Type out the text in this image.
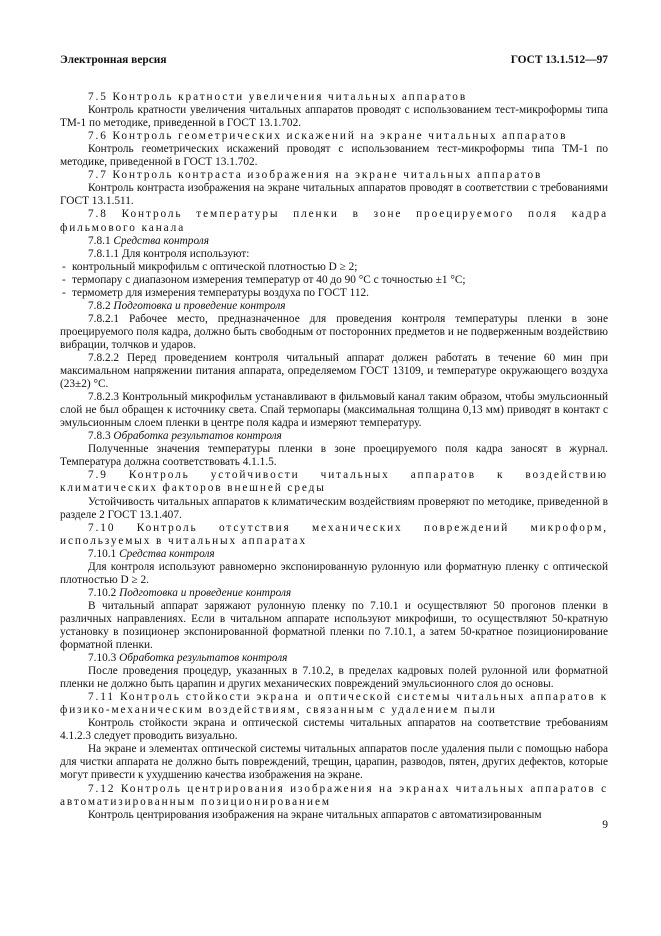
Электронная версия	ГОСТ 13.1.512—97

7.5 Контроль кратности увеличения читальных аппаратов

Контроль кратности увеличения читальных аппаратов проводят с использованием тест-микроформы типа ТМ-1 по методике, приведенной в ГОСТ 13.1.702.

7.6 Контроль геометрических искажений на экране читальных аппаратов

Контроль геометрических искажений проводят с использованием тест-микроформы типа ТМ-1 по методике, приведенной в ГОСТ 13.1.702.

7.7 Контроль контраста изображения на экране читальных аппаратов

Контроль контраста изображения на экране читальных аппаратов проводят в соответствии с требованиями ГОСТ 13.1.511.

7.8 Контроль температуры пленки в зоне проецируемого поля кадра фильмового канала

7.8.1 Средства контроля

7.8.1.1 Для контроля используют:

- контрольный микрофильм с оптической плотностью D ≥ 2;

- термопару с диапазоном измерения температур от 40 до 90 °С с точностью ±1 °С;

- термометр для измерения температуры воздуха по ГОСТ 112.

7.8.2 Подготовка и проведение контроля

7.8.2.1 Рабочее место, предназначенное для проведения контроля температуры пленки в зоне проецируемого поля кадра, должно быть свободным от посторонних предметов и не подверженным воздействию вибрации, толчков и ударов.

7.8.2.2 Перед проведением контроля читальный аппарат должен работать в течение 60 мин при максимальном напряжении питания аппарата, определяемом ГОСТ 13109, и температуре окружающего воздуха (23±2) °С.

7.8.2.3 Контрольный микрофильм устанавливают в фильмовый канал таким образом, чтобы эмульсионный слой не был обращен к источнику света. Спай термопары (максимальная толщина 0,13 мм) приводят в контакт с эмульсионным слоем пленки в центре поля кадра и измеряют температуру.

7.8.3 Обработка результатов контроля

Полученные значения температуры пленки в зоне проецируемого поля кадра заносят в журнал. Температура должна соответствовать 4.1.1.5.

7.9 Контроль устойчивости читальных аппаратов к воздействию климатических факторов внешней среды

Устойчивость читальных аппаратов к климатическим воздействиям проверяют по методике, приведенной в разделе 2 ГОСТ 13.1.407.

7.10 Контроль отсутствия механических повреждений микроформ, используемых в читальных аппаратах

7.10.1 Средства контроля

Для контроля используют равномерно экспонированную рулонную или форматную пленку с оптической плотностью D ≥ 2.

7.10.2 Подготовка и проведение контроля

В читальный аппарат заряжают рулонную пленку по 7.10.1 и осуществляют 50 прогонов пленки в различных направлениях. Если в читальном аппарате используют микрофиши, то осуществляют 50-кратную установку в позиционер экспонированной форматной пленки по 7.10.1, а затем 50-кратное позиционирование форматной пленки.

7.10.3 Обработка результатов контроля

После проведения процедур, указанных в 7.10.2, в пределах кадровых полей рулонной или форматной пленки не должно быть царапин и других механических повреждений эмульсионного слоя до основы.

7.11 Контроль стойкости экрана и оптической системы читальных аппаратов к физико-механическим воздействиям, связанным с удалением пыли

Контроль стойкости экрана и оптической системы читальных аппаратов на соответствие требованиям 4.1.2.3 следует проводить визуально.

На экране и элементах оптической системы читальных аппаратов после удаления пыли с помощью набора для чистки аппарата не должно быть повреждений, трещин, царапин, разводов, пятен, других дефектов, которые могут привести к ухудшению качества изображения на экране.

7.12 Контроль центрирования изображения на экранах читальных аппаратов с автоматизированным позиционированием

Контроль центрирования изображения на экране читальных аппаратов с автоматизированным

9
